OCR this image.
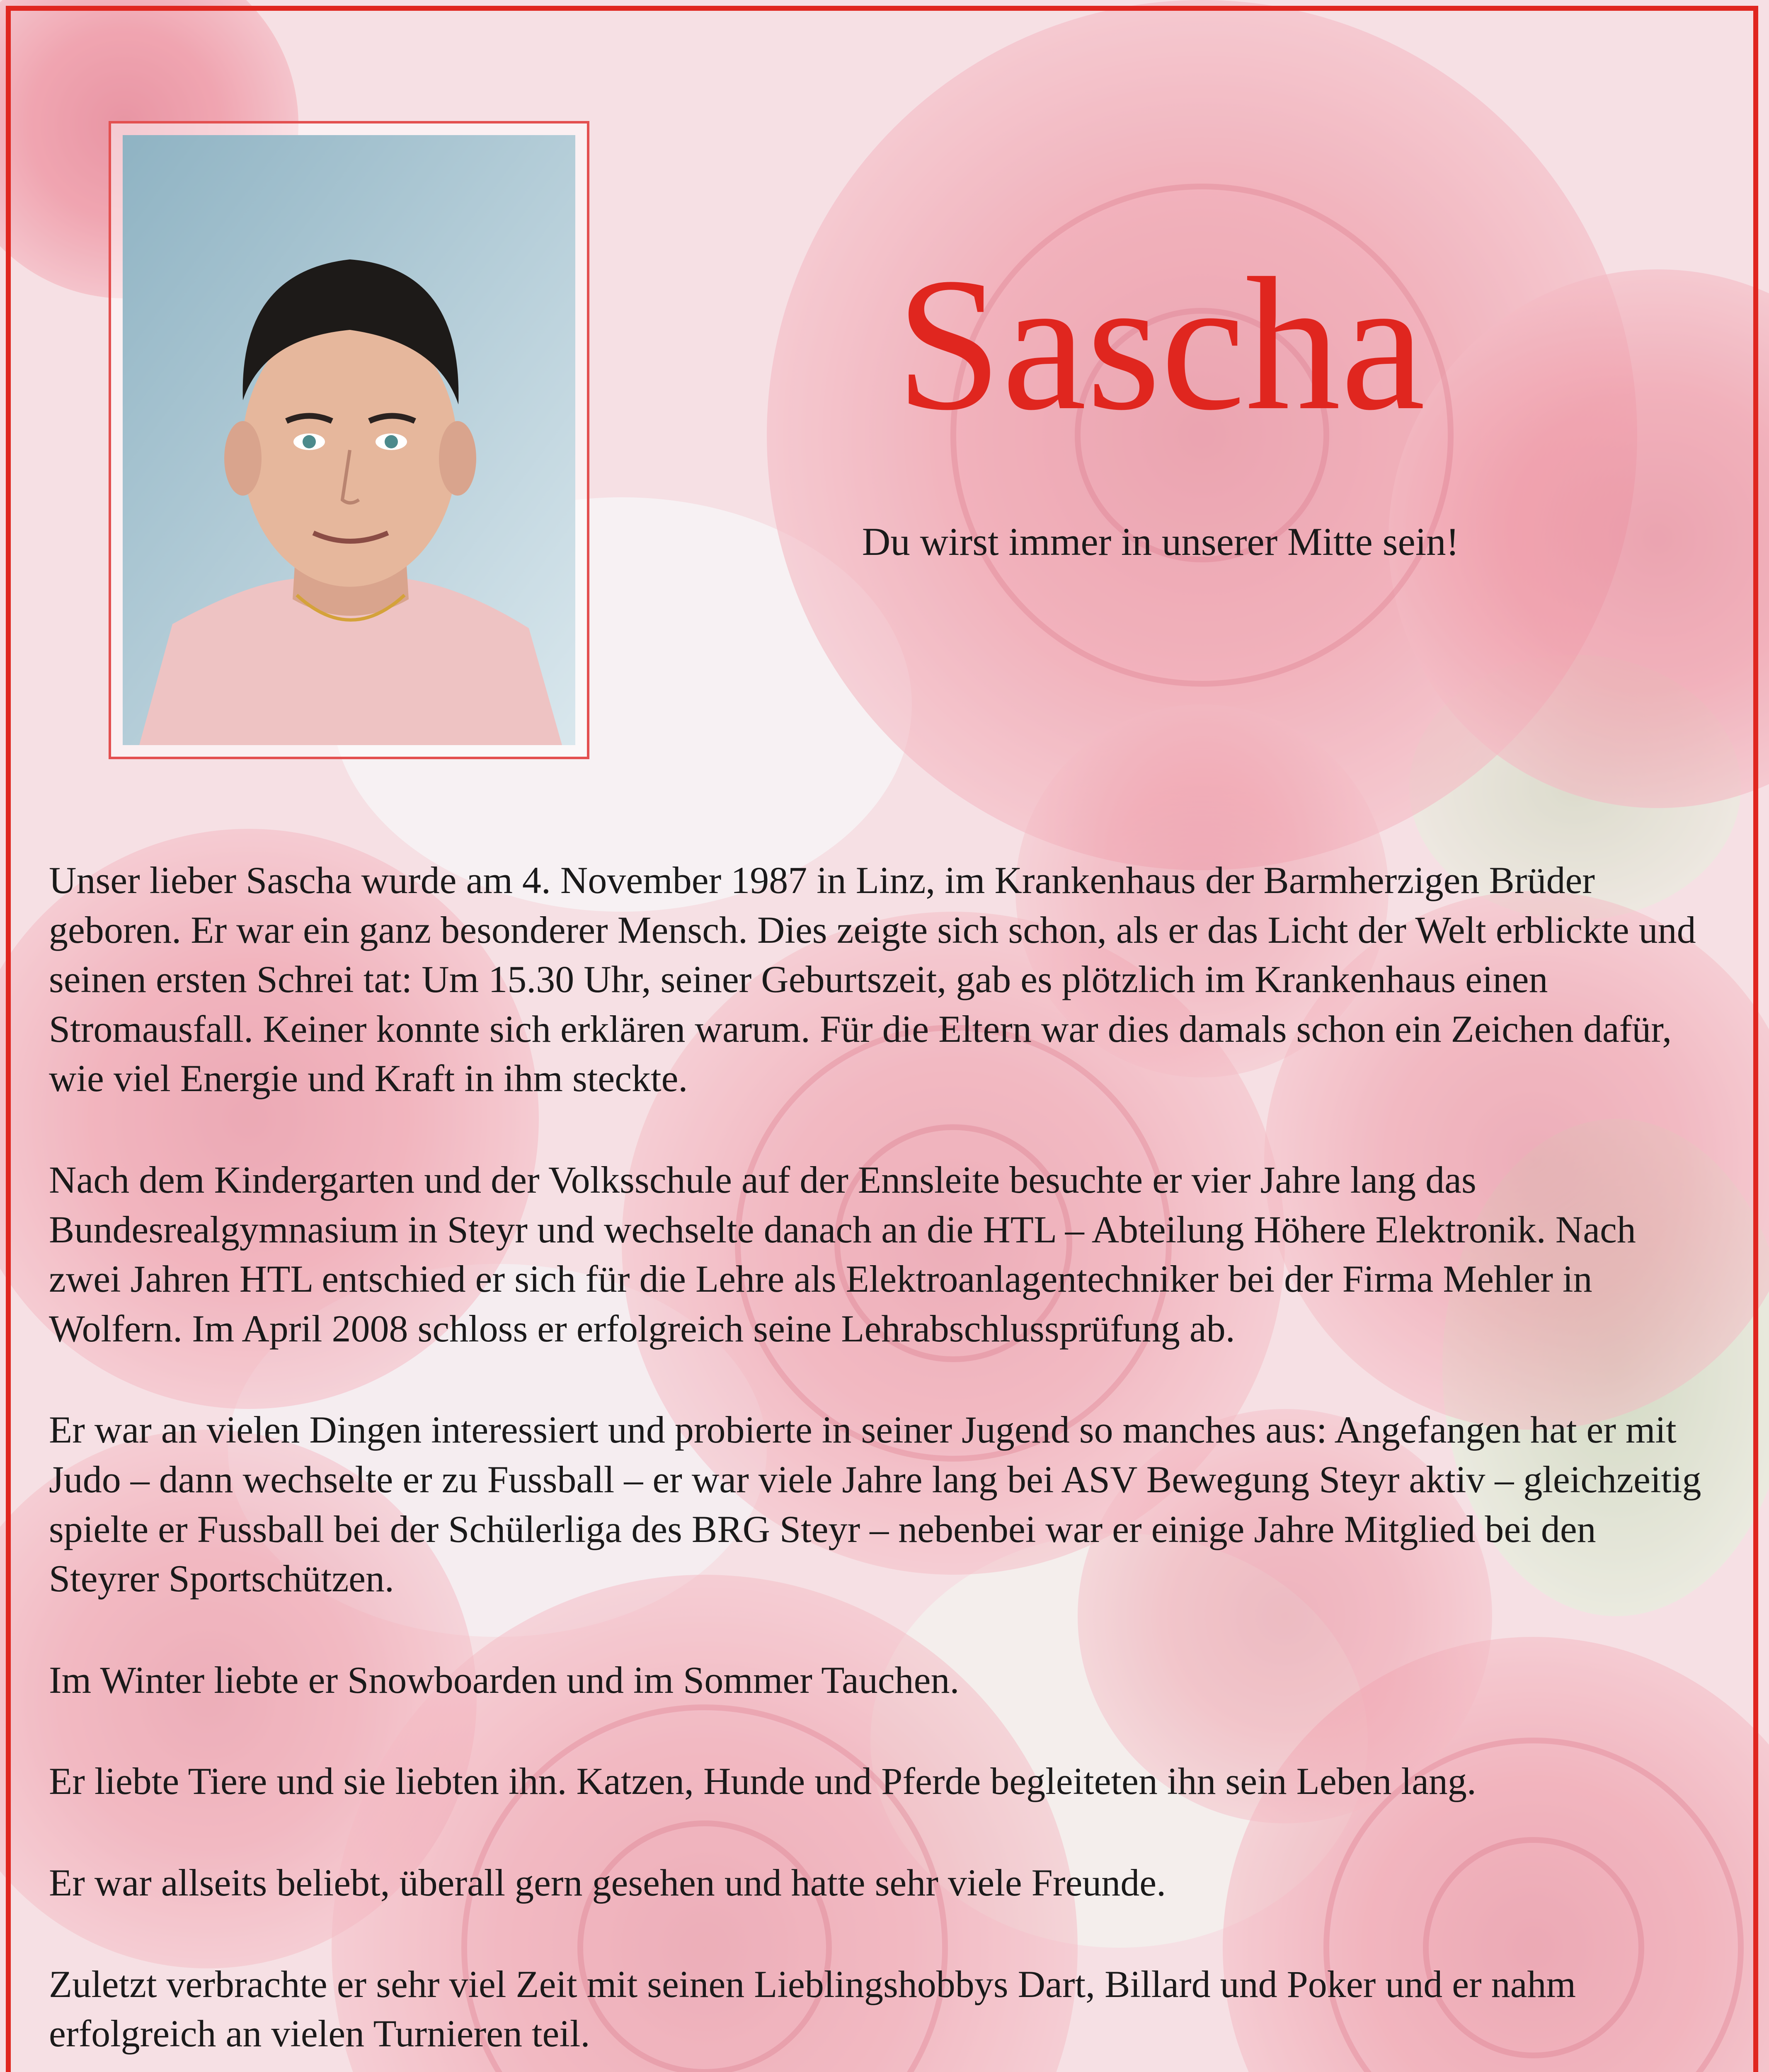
Sascha
Du wirst immer in unserer Mitte sein!

Unser lieber Sascha wurde am 4. November 1987 in Linz, im Krankenhaus der Barmherzigen Brüder geboren. Er war ein ganz besonderer Mensch. Dies zeigte sich schon, als er das Licht der Welt erblickte und seinen ersten Schrei tat: Um 15.30 Uhr, seiner Geburtszeit, gab es plötzlich im Krankenhaus einen Stromausfall. Keiner konnte sich erklären warum. Für die Eltern war dies damals schon ein Zeichen dafür, wie viel Energie und Kraft in ihm steckte.

Nach dem Kindergarten und der Volksschule auf der Ennsleite besuchte er vier Jahre lang das Bundesrealgymnasium in Steyr und wechselte danach an die HTL – Abteilung Höhere Elektronik. Nach zwei Jahren HTL entschied er sich für die Lehre als Elektroanlagentechniker bei der Firma Mehler in Wolfern. Im April 2008 schloss er erfolgreich seine Lehrabschlussprüfung ab.

Er war an vielen Dingen interessiert und probierte in seiner Jugend so manches aus: Angefangen hat er mit Judo – dann wechselte er zu Fussball – er war viele Jahre lang bei ASV Bewegung Steyr aktiv – gleichzeitig spielte er Fussball bei der Schülerliga des BRG Steyr – nebenbei war er einige Jahre Mitglied bei den Steyrer Sportschützen.

Im Winter liebte er Snowboarden und im Sommer Tauchen.

Er liebte Tiere und sie liebten ihn. Katzen, Hunde und Pferde begleiteten ihn sein Leben lang.

Er war allseits beliebt, überall gern gesehen und hatte sehr viele Freunde.

Zuletzt verbrachte er sehr viel Zeit mit seinen Lieblingshobbys Dart, Billard und Poker und er nahm erfolgreich an vielen Turnieren teil.
